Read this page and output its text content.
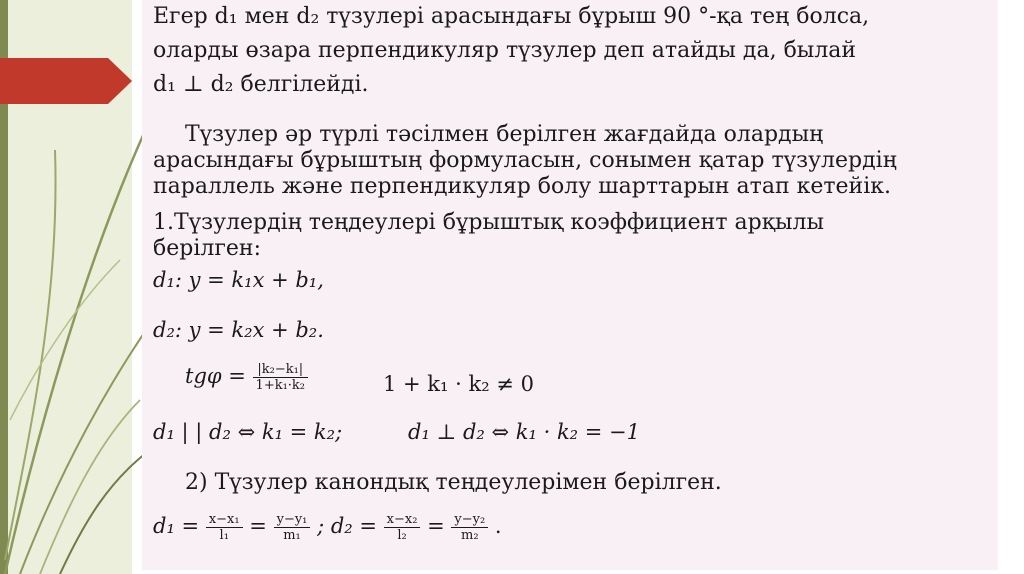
Егер d₁ мен d₂ түзулері арасындағы бұрыш 90 °-қа тең болса,
оларды өзара перпендикуляр түзулер деп атайды да, былай
d₁ ⊥ d₂ белгілейді.
Түзулер әр түрлі тәсілмен берілген жағдайда олардың
арасындағы бұрыштың формуласын, сонымен қатар түзулердің
параллель және перпендикуляр болу шарттарын атап кетейік.
1.Түзулердің теңдеулері бұрыштық коэффициент арқылы
берілген:
d₁: y = k₁x + b₁,
d₂: y = k₂x + b₂.
$tg\varphi = \frac{\text{|k₂−k₁|}}{\text{1+k₁·k₂}}$	1 + k₁ · k₂ ≠ 0
d₁ | | d₂ ⇔ k₁ = k₂;	d₁ ⊥ d₂ ⇔ k₁ · k₂ = −1
2) Түзулер канондық теңдеулерімен берілген.
$d_1 = \frac{\text{x−x₁}}{\text{l₁}} = \frac{\text{y−y₁}}{\text{m₁}}$ ; $d_2 = \frac{\text{x−x₂}}{\text{l₂}} = \frac{\text{y−y₂}}{\text{m₂}}$ .
